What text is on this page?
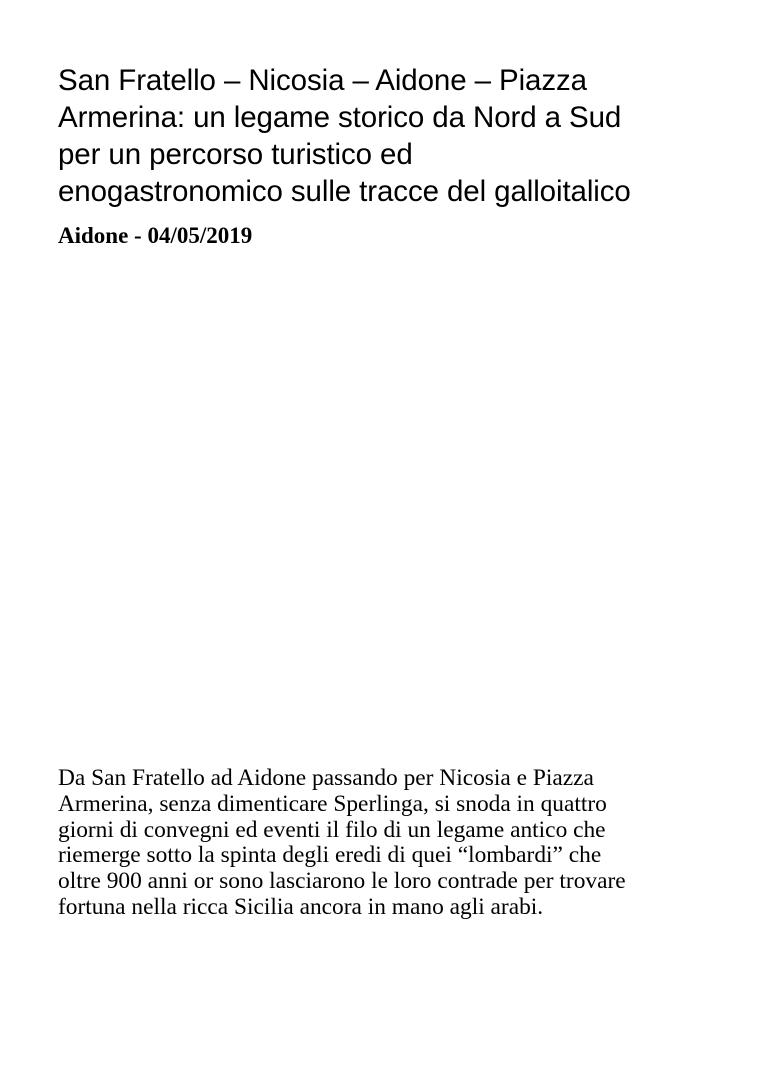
San Fratello – Nicosia – Aidone – Piazza
Armerina: un legame storico da Nord a Sud
per un percorso turistico ed
enogastronomico sulle tracce del galloitalico

Aidone - 04/05/2019

Da San Fratello ad Aidone passando per Nicosia e Piazza
Armerina, senza dimenticare Sperlinga, si snoda in quattro
giorni di convegni ed eventi il filo di un legame antico che
riemerge sotto la spinta degli eredi di quei “lombardi” che
oltre 900 anni or sono lasciarono le loro contrade per trovare
fortuna nella ricca Sicilia ancora in mano agli arabi.
